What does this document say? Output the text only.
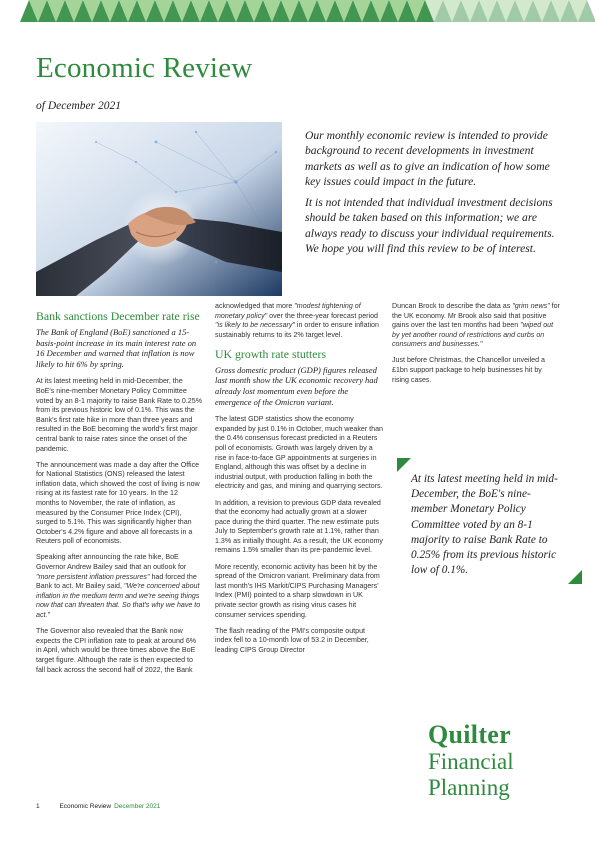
Economic Review
of December 2021

Our monthly economic review is intended to provide background to recent developments in investment markets as well as to give an indication of how some key issues could impact in the future.

It is not intended that individual investment decisions should be taken based on this information; we are always ready to discuss your individual requirements. We hope you will find this review to be of interest.

Bank sanctions December rate rise

The Bank of England (BoE) sanctioned a 15-basis-point increase in its main interest rate on 16 December and warned that inflation is now likely to hit 6% by spring.

At its latest meeting held in mid-December, the BoE's nine-member Monetary Policy Committee voted by an 8-1 majority to raise Bank Rate to 0.25% from its previous historic low of 0.1%. This was the Bank's first rate hike in more than three years and resulted in the BoE becoming the world's first major central bank to raise rates since the onset of the pandemic.

The announcement was made a day after the Office for National Statistics (ONS) released the latest inflation data, which showed the cost of living is now rising at its fastest rate for 10 years. In the 12 months to November, the rate of inflation, as measured by the Consumer Price Index (CPI), surged to 5.1%. This was significantly higher than October's 4.2% figure and above all forecasts in a Reuters poll of economists.

Speaking after announcing the rate hike, BoE Governor Andrew Bailey said that an outlook for "more persistent inflation pressures" had forced the Bank to act. Mr Bailey said, "We're concerned about inflation in the medium term and we're seeing things now that can threaten that. So that's why we have to act."

The Governor also revealed that the Bank now expects the CPI inflation rate to peak at around 6% in April, which would be three times above the BoE target figure. Although the rate is then expected to fall back across the second half of 2022, the Bank

acknowledged that more "modest tightening of monetary policy" over the three-year forecast period "is likely to be necessary" in order to ensure inflation sustainably returns to its 2% target level.

UK growth rate stutters

Gross domestic product (GDP) figures released last month show the UK economic recovery had already lost momentum even before the emergence of the Omicron variant.

The latest GDP statistics show the economy expanded by just 0.1% in October, much weaker than the 0.4% consensus forecast predicted in a Reuters poll of economists. Growth was largely driven by a rise in face-to-face GP appointments at surgeries in England, although this was offset by a decline in industrial output, with production falling in both the electricity and gas, and mining and quarrying sectors.

In addition, a revision to previous GDP data revealed that the economy had actually grown at a slower pace during the third quarter. The new estimate puts July to September's growth rate at 1.1%, rather than 1.3% as initially thought. As a result, the UK economy remains 1.5% smaller than its pre-pandemic level.

More recently, economic activity has been hit by the spread of the Omicron variant. Preliminary data from last month's IHS Markit/CIPS Purchasing Managers' Index (PMI) pointed to a sharp slowdown in UK private sector growth as rising virus cases hit consumer services spending.

The flash reading of the PMI's composite output index fell to a 10-month low of 53.2 in December, leading CIPS Group Director

Duncan Brock to describe the data as "grim news" for the UK economy. Mr Brook also said that positive gains over the last ten months had been "wiped out by yet another round of restrictions and curbs on consumers and businesses."

Just before Christmas, the Chancellor unveiled a £1bn support package to help businesses hit by rising cases.

At its latest meeting held in mid-December, the BoE's nine-member Monetary Policy Committee voted by an 8-1 majority to raise Bank Rate to 0.25% from its previous historic low of 0.1%.
Quilter
Financial
Planning
1	Economic Review December 2021
